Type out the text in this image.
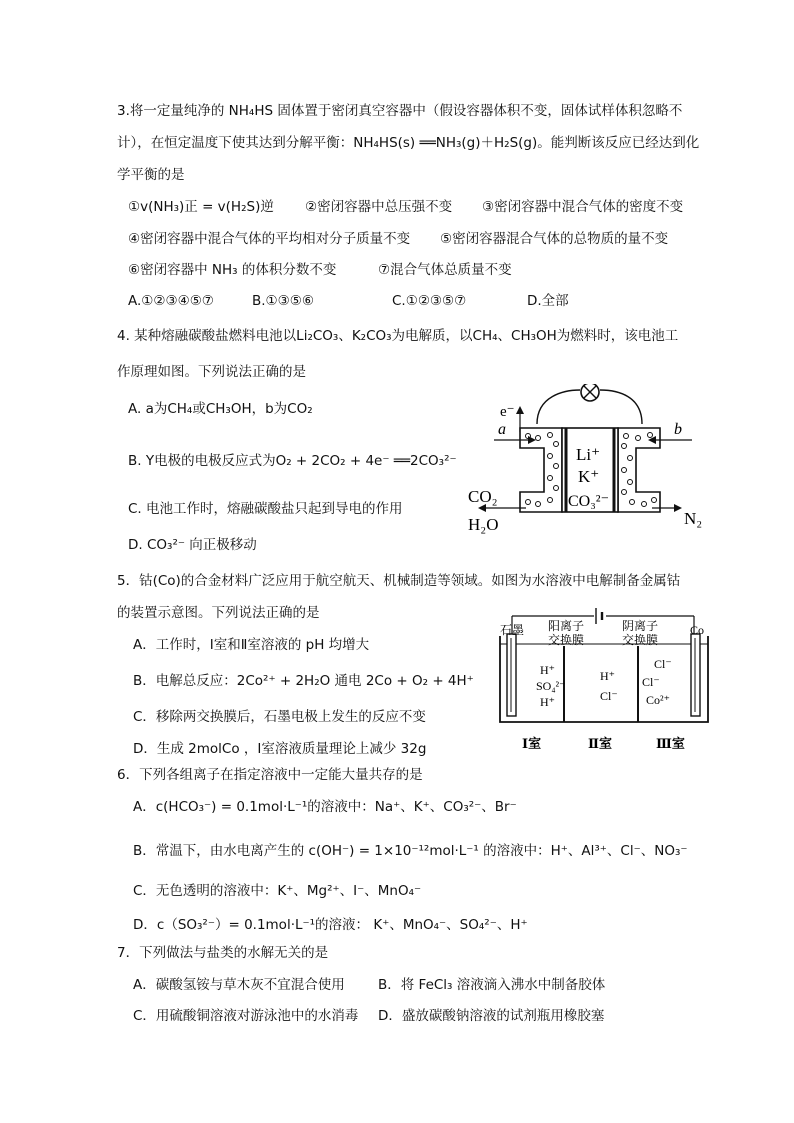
3.将一定量纯净的 NH₄HS 固体置于密闭真空容器中（假设容器体积不变，固体试样体积忽略不
计），在恒定温度下使其达到分解平衡：NH₄HS(s) ══NH₃(g)＋H₂S(g)。能判断该反应已经达到化
学平衡的是
①v(NH₃)正 = v(H₂S)逆 ②密闭容器中总压强不变 ③密闭容器中混合气体的密度不变
④密闭容器中混合气体的平均相对分子质量不变 ⑤密闭容器混合气体的总物质的量不变
⑥密闭容器中 NH₃ 的体积分数不变	⑦混合气体总质量不变
A.①②③④⑤⑦	B.①③⑤⑥	C.①②③⑤⑦	D.全部
4. 某种熔融碳酸盐燃料电池以Li₂CO₃、K₂CO₃为电解质，以CH₄、CH₃OH为燃料时，该电池工
作原理如图。下列说法正确的是
A. a为CH₄或CH₃OH，b为CO₂
B. Y电极的电极反应式为O₂ + 2CO₂ + 4e⁻ ══2CO₃²⁻
C. 电池工作时，熔融碳酸盐只起到导电的作用
D. CO₃²⁻ 向正极移动
e⁻
Li⁺
K⁺
CO₃²⁻
a	b
CO₂
H₂O	N₂
5．钴(Co)的合金材料广泛应用于航空航天、机械制造等领域。如图为水溶液中电解制备金属钴
的装置示意图。下列说法正确的是
A．工作时，Ⅰ室和Ⅱ室溶液的 pH 均增大
B．电解总反应：2Co²⁺ + 2H₂O 通电 2Co + O₂ + 4H⁺
C．移除两交换膜后，石墨电极上发生的反应不变
D．生成 2molCo ，Ⅰ室溶液质量理论上减少 32g
石墨 阳离子
交换膜
阴离子
交换膜
Co
H⁺
SO₄²⁻
H⁺
H⁺
Cl⁻
Cl⁻
Cl⁻
Co²⁺
Ⅰ室	Ⅱ室	Ⅲ室
6．下列各组离子在指定溶液中一定能大量共存的是
A．c(HCO₃⁻) = 0.1mol·L⁻¹的溶液中：Na⁺、K⁺、CO₃²⁻、Br⁻
B．常温下，由水电离产生的 c(OH⁻) = 1×10⁻¹²mol·L⁻¹ 的溶液中：H⁺、Al³⁺、Cl⁻、NO₃⁻
C．无色透明的溶液中：K⁺、Mg²⁺、I⁻、MnO₄⁻
D．c（SO₃²⁻）= 0.1mol·L⁻¹的溶液： K⁺、MnO₄⁻、SO₄²⁻、H⁺
7．下列做法与盐类的水解无关的是
A．碳酸氢铵与草木灰不宜混合使用 B．将 FeCl₃ 溶液滴入沸水中制备胶体
C．用硫酸铜溶液对游泳池中的水消毒 D．盛放碳酸钠溶液的试剂瓶用橡胶塞
